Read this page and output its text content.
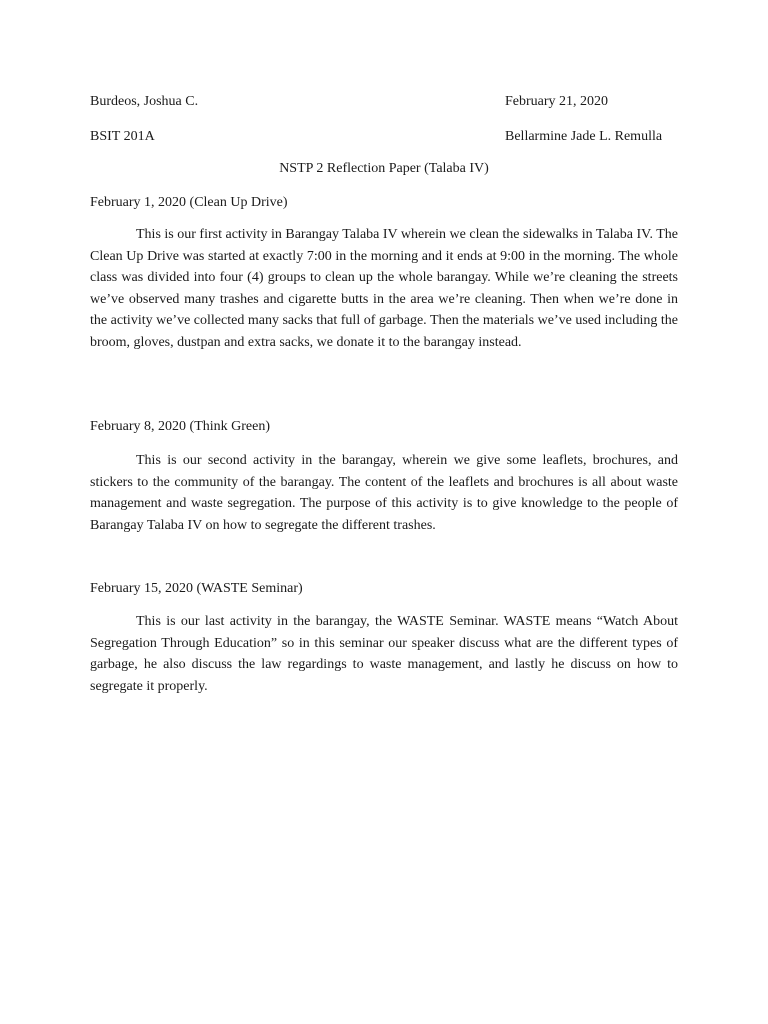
Burdeos, Joshua C.	February 21, 2020
BSIT 201A	Bellarmine Jade L. Remulla
NSTP 2 Reflection Paper (Talaba IV)
February 1, 2020 (Clean Up Drive)

This is our first activity in Barangay Talaba IV wherein we clean the sidewalks in Talaba IV. The Clean Up Drive was started at exactly 7:00 in the morning and it ends at 9:00 in the morning. The whole class was divided into four (4) groups to clean up the whole barangay. While we’re cleaning the streets we’ve observed many trashes and cigarette butts in the area we’re cleaning. Then when we’re done in the activity we’ve collected many sacks that full of garbage. Then the materials we’ve used including the broom, gloves, dustpan and extra sacks, we donate it to the barangay instead.

February 8, 2020 (Think Green)

This is our second activity in the barangay, wherein we give some leaflets, brochures, and stickers to the community of the barangay. The content of the leaflets and brochures is all about waste management and waste segregation. The purpose of this activity is to give knowledge to the people of Barangay Talaba IV on how to segregate the different trashes.

February 15, 2020 (WASTE Seminar)

This is our last activity in the barangay, the WASTE Seminar. WASTE means “Watch About Segregation Through Education” so in this seminar our speaker discuss what are the different types of garbage, he also discuss the law regardings to waste management, and lastly he discuss on how to segregate it properly.
